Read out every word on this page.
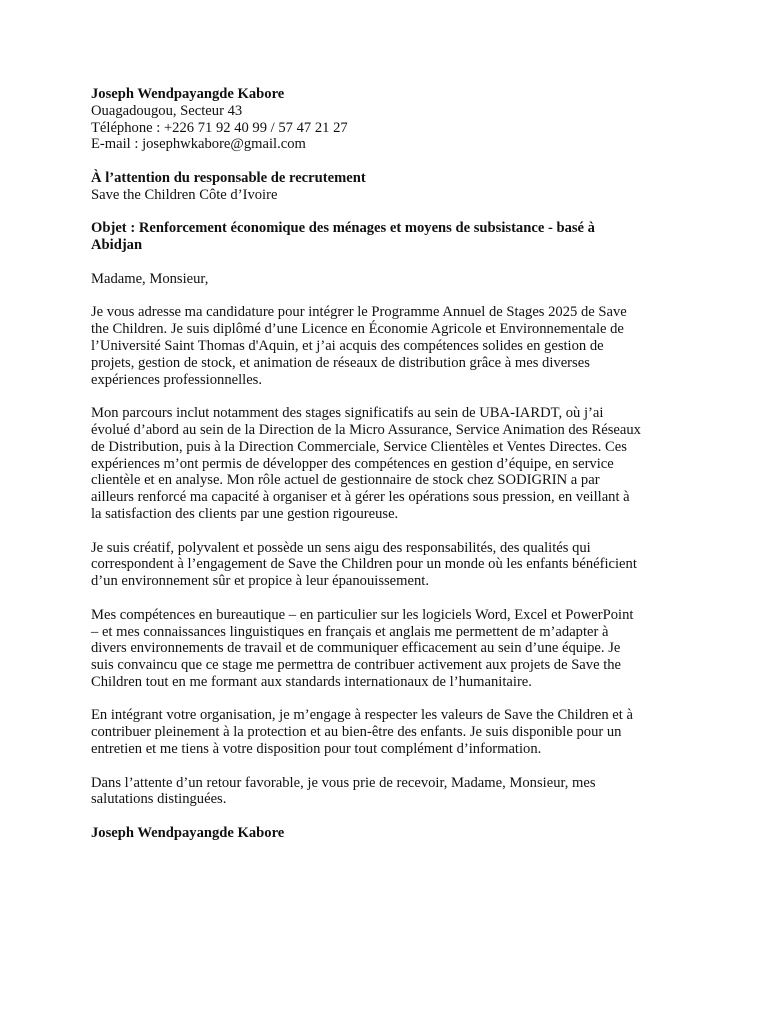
Joseph Wendpayangde Kabore
Ouagadougou, Secteur 43
Téléphone : +226 71 92 40 99 / 57 47 21 27
E-mail : josephwkabore@gmail.com
À l’attention du responsable de recrutement
Save the Children Côte d’Ivoire
Objet : Renforcement économique des ménages et moyens de subsistance - basé à
Abidjan

Madame, Monsieur,

Je vous adresse ma candidature pour intégrer le Programme Annuel de Stages 2025 de Save
the Children. Je suis diplômé d’une Licence en Économie Agricole et Environnementale de
l’Université Saint Thomas d'Aquin, et j’ai acquis des compétences solides en gestion de
projets, gestion de stock, et animation de réseaux de distribution grâce à mes diverses
expériences professionnelles.

Mon parcours inclut notamment des stages significatifs au sein de UBA-IARDT, où j’ai
évolué d’abord au sein de la Direction de la Micro Assurance, Service Animation des Réseaux
de Distribution, puis à la Direction Commerciale, Service Clientèles et Ventes Directes. Ces
expériences m’ont permis de développer des compétences en gestion d’équipe, en service
clientèle et en analyse. Mon rôle actuel de gestionnaire de stock chez SODIGRIN a par
ailleurs renforcé ma capacité à organiser et à gérer les opérations sous pression, en veillant à
la satisfaction des clients par une gestion rigoureuse.

Je suis créatif, polyvalent et possède un sens aigu des responsabilités, des qualités qui
correspondent à l’engagement de Save the Children pour un monde où les enfants bénéficient
d’un environnement sûr et propice à leur épanouissement.

Mes compétences en bureautique – en particulier sur les logiciels Word, Excel et PowerPoint
– et mes connaissances linguistiques en français et anglais me permettent de m’adapter à
divers environnements de travail et de communiquer efficacement au sein d’une équipe. Je
suis convaincu que ce stage me permettra de contribuer activement aux projets de Save the
Children tout en me formant aux standards internationaux de l’humanitaire.

En intégrant votre organisation, je m’engage à respecter les valeurs de Save the Children et à
contribuer pleinement à la protection et au bien-être des enfants. Je suis disponible pour un
entretien et me tiens à votre disposition pour tout complément d’information.

Dans l’attente d’un retour favorable, je vous prie de recevoir, Madame, Monsieur, mes
salutations distinguées.

Joseph Wendpayangde Kabore
